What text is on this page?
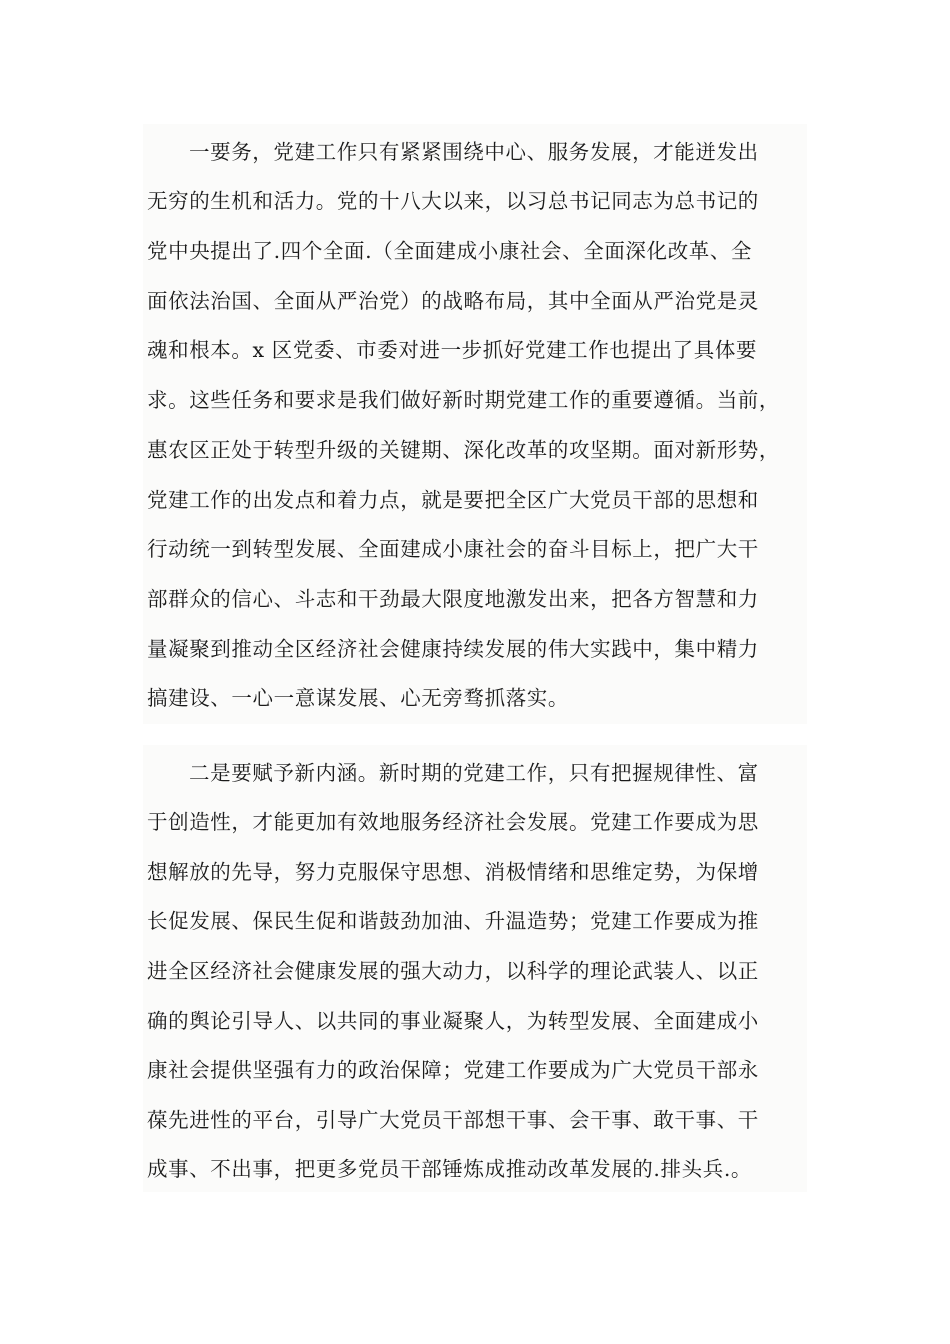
一要务，党建工作只有紧紧围绕中心、服务发展，才能迸发出
无穷的生机和活力。党的十八大以来，以习总书记同志为总书记的
党中央提出了.四个全面.（全面建成小康社会、全面深化改革、全
面依法治国、全面从严治党）的战略布局，其中全面从严治党是灵
魂和根本。x 区党委、市委对进一步抓好党建工作也提出了具体要
求。这些任务和要求是我们做好新时期党建工作的重要遵循。当前，
惠农区正处于转型升级的关键期、深化改革的攻坚期。面对新形势，
党建工作的出发点和着力点，就是要把全区广大党员干部的思想和
行动统一到转型发展、全面建成小康社会的奋斗目标上，把广大干
部群众的信心、斗志和干劲最大限度地激发出来，把各方智慧和力
量凝聚到推动全区经济社会健康持续发展的伟大实践中，集中精力
搞建设、一心一意谋发展、心无旁骛抓落实。
二是要赋予新内涵。新时期的党建工作，只有把握规律性、富
于创造性，才能更加有效地服务经济社会发展。党建工作要成为思
想解放的先导，努力克服保守思想、消极情绪和思维定势，为保增
长促发展、保民生促和谐鼓劲加油、升温造势；党建工作要成为推
进全区经济社会健康发展的强大动力，以科学的理论武装人、以正
确的舆论引导人、以共同的事业凝聚人，为转型发展、全面建成小
康社会提供坚强有力的政治保障；党建工作要成为广大党员干部永
葆先进性的平台，引导广大党员干部想干事、会干事、敢干事、干
成事、不出事，把更多党员干部锤炼成推动改革发展的.排头兵.。
